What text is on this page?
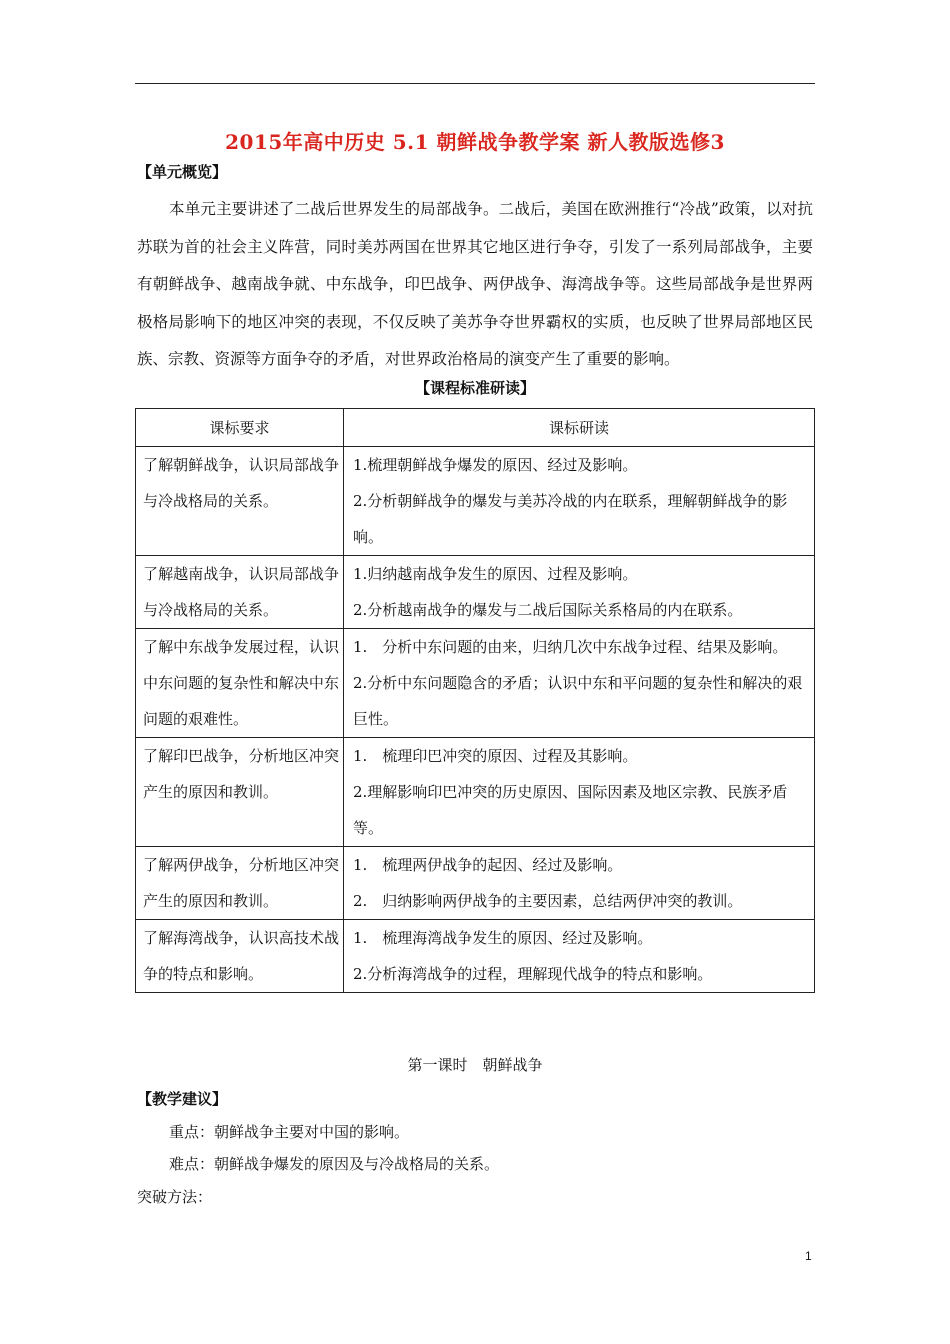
2015年高中历史 5.1 朝鲜战争教学案 新人教版选修3
【单元概览】
本单元主要讲述了二战后世界发生的局部战争。二战后，美国在欧洲推行“冷战”政策，以对抗苏联为首的社会主义阵营，同时美苏两国在世界其它地区进行争夺，引发了一系列局部战争，主要有朝鲜战争、越南战争就、中东战争，印巴战争、两伊战争、海湾战争等。这些局部战争是世界两极格局影响下的地区冲突的表现，不仅反映了美苏争夺世界霸权的实质，也反映了世界局部地区民族、宗教、资源等方面争夺的矛盾，对世界政治格局的演变产生了重要的影响。
【课程标准研读】
课标要求	课标研读
了解朝鲜战争，认识局部战争与冷战格局的关系。	1.梳理朝鲜战争爆发的原因、经过及影响。
2.分析朝鲜战争的爆发与美苏冷战的内在联系，理解朝鲜战争的影响。

了解越南战争，认识局部战争与冷战格局的关系。	1.归纳越南战争发生的原因、过程及影响。
2.分析越南战争的爆发与二战后国际关系格局的内在联系。

了解中东战争发展过程，认识中东问题的复杂性和解决中东问题的艰难性。	1.　分析中东问题的由来，归纳几次中东战争过程、结果及影响。
2.分析中东问题隐含的矛盾；认识中东和平问题的复杂性和解决的艰巨性。

了解印巴战争，分析地区冲突产生的原因和教训。	1.　梳理印巴冲突的原因、过程及其影响。
2.理解影响印巴冲突的历史原因、国际因素及地区宗教、民族矛盾等。

了解两伊战争，分析地区冲突产生的原因和教训。	1.　梳理两伊战争的起因、经过及影响。
2.　归纳影响两伊战争的主要因素，总结两伊冲突的教训。

了解海湾战争，认识高技术战争的特点和影响。	1.　梳理海湾战争发生的原因、经过及影响。
2.分析海湾战争的过程，理解现代战争的特点和影响。
第一课时　朝鲜战争
【教学建议】
重点：朝鲜战争主要对中国的影响。
难点：朝鲜战争爆发的原因及与冷战格局的关系。
突破方法：
1
